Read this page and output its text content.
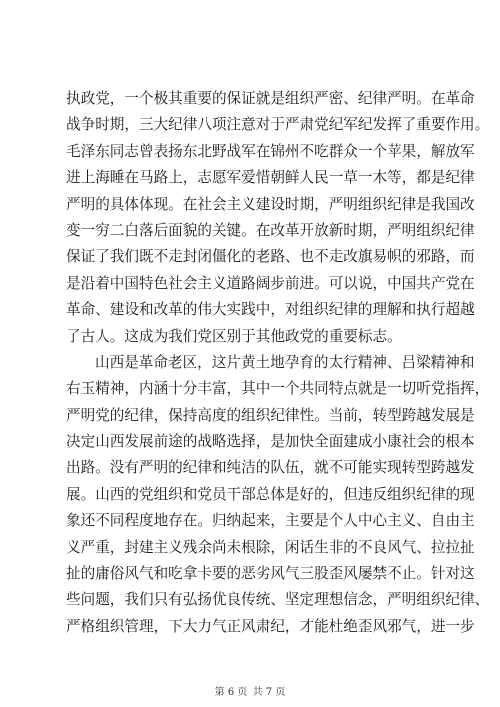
执政党，一个极其重要的保证就是组织严密、纪律严明。在革命
战争时期，三大纪律八项注意对于严肃党纪军纪发挥了重要作用。
毛泽东同志曾表扬东北野战军在锦州不吃群众一个苹果，解放军
进上海睡在马路上，志愿军爱惜朝鲜人民一草一木等，都是纪律
严明的具体体现。在社会主义建设时期，严明组织纪律是我国改
变一穷二白落后面貌的关键。在改革开放新时期，严明组织纪律
保证了我们既不走封闭僵化的老路、也不走改旗易帜的邪路，而
是沿着中国特色社会主义道路阔步前进。可以说，中国共产党在
革命、建设和改革的伟大实践中，对组织纪律的理解和执行超越
了古人。这成为我们党区别于其他政党的重要标志。
山西是革命老区，这片黄土地孕育的太行精神、吕梁精神和
右玉精神，内涵十分丰富，其中一个共同特点就是一切听党指挥，
严明党的纪律，保持高度的组织纪律性。当前，转型跨越发展是
决定山西发展前途的战略选择，是加快全面建成小康社会的根本
出路。没有严明的纪律和纯洁的队伍，就不可能实现转型跨越发
展。山西的党组织和党员干部总体是好的，但违反组织纪律的现
象还不同程度地存在。归纳起来，主要是个人中心主义、自由主
义严重，封建主义残余尚未根除，闲话生非的不良风气、拉拉扯
扯的庸俗风气和吃拿卡要的恶劣风气三股歪风屡禁不止。针对这
些问题，我们只有弘扬优良传统、坚定理想信念，严明组织纪律、
严格组织管理，下大力气正风肃纪，才能杜绝歪风邪气，进一步
第 6 页 共 7 页
